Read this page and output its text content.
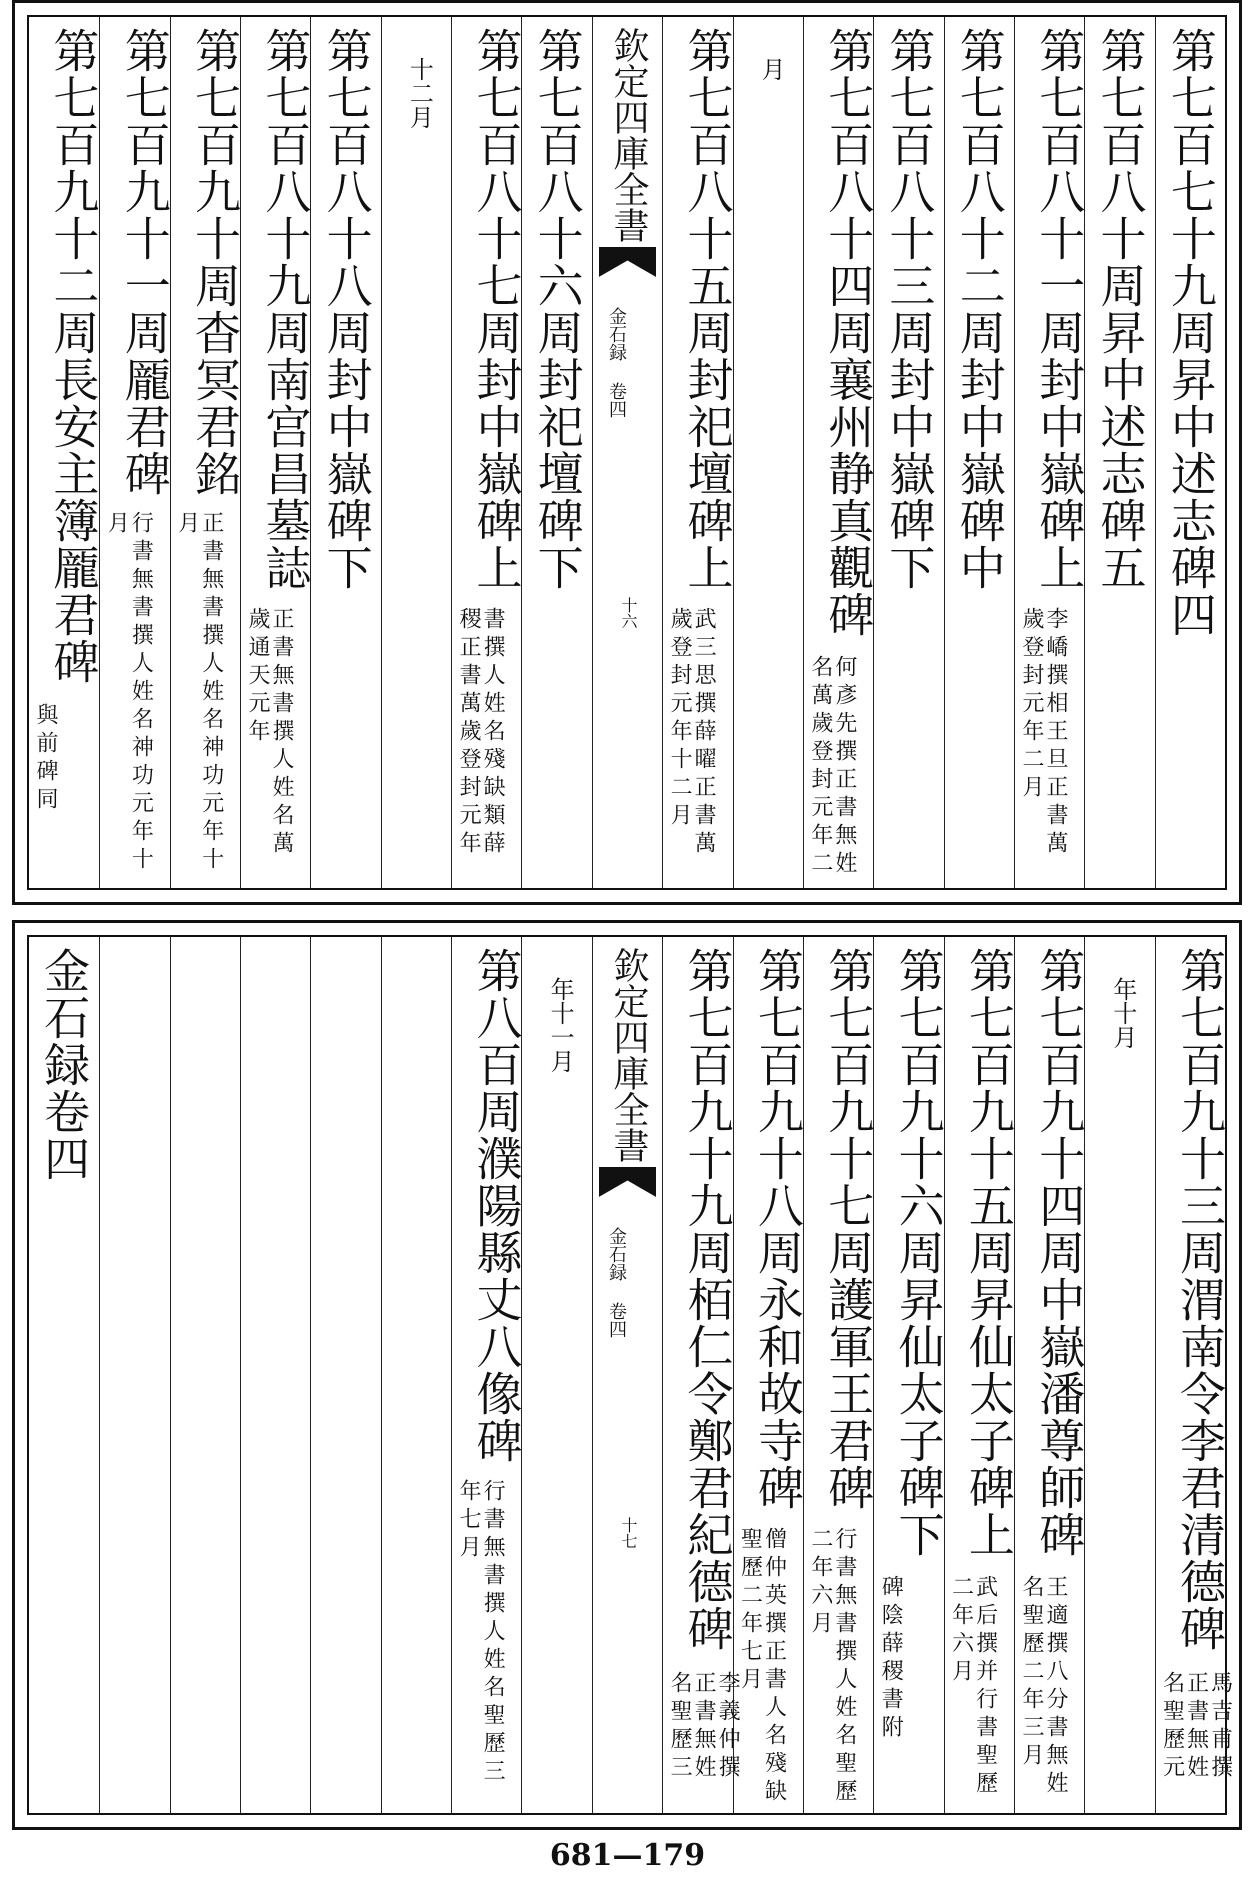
第七百七十九周昇中述志碑四
第七百八十周昇中述志碑五
第七百八十一周封中嶽碑上
李嶠撰相王旦正書萬歲登封元年二月
第七百八十二周封中嶽碑中
第七百八十三周封中嶽碑下
第七百八十四周襄州静真觀碑
何彥先撰正書無姓名萬歲登封元年二
月
第七百八十五周封祀壇碑上
武三思撰薛曜正書萬歲登封元年十二月
欽定四庫全書
金石録 卷四
十六
第七百八十六周封祀壇碑下
第七百八十七周封中嶽碑上
書撰人姓名殘缺類薛稷正書萬歲登封元年
十二月
第七百八十八周封中嶽碑下
第七百八十九周南宫昌墓誌
正書無書撰人姓名萬歲通天元年
第七百九十周杳冥君銘
正書無書撰人姓名神功元年十月
第七百九十一周龎君碑
行書無書撰人姓名神功元年十月
第七百九十二周長安主簿龎君碑
與前碑同
第七百九十三周渭南令李君清德碑
馬吉甫撰正書無姓名聖歷元
年十月
第七百九十四周中嶽潘尊師碑
王適撰八分書無姓名聖歷二年三月
第七百九十五周昇仙太子碑上
武后撰并行書聖歷二年六月
第七百九十六周昇仙太子碑下
碑陰薛稷書附
第七百九十七周護軍王君碑
行書無書撰人姓名聖歷二年六月
第七百九十八周永和故寺碑
僧仲英撰正書人名殘缺聖歷二年七月
第七百九十九周栢仁令鄭君紀德碑
李義仲撰正書無姓名聖歷三
欽定四庫全書
金石録 卷四
十七
年十一月
第八百周濮陽縣丈八像碑
行書無書撰人姓名聖歷三年七月
金石録卷四
681—179
